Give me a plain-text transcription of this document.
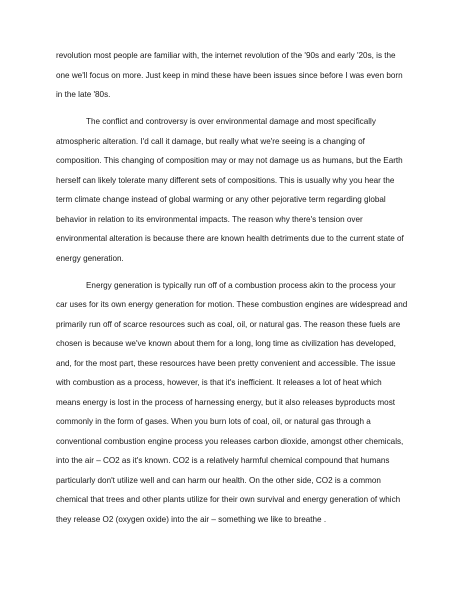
revolution most people are familiar with, the internet revolution of the '90s and early '20s, is the one we'll focus on more. Just keep in mind these have been issues since before I was even born in the late '80s.

The conflict and controversy is over environmental damage and most specifically atmospheric alteration. I'd call it damage, but really what we're seeing is a changing of composition. This changing of composition may or may not damage us as humans, but the Earth herself can likely tolerate many different sets of compositions. This is usually why you hear the term climate change instead of global warming or any other pejorative term regarding global behavior in relation to its environmental impacts. The reason why there's tension over environmental alteration is because there are known health detriments due to the current state of energy generation.

Energy generation is typically run off of a combustion process akin to the process your car uses for its own energy generation for motion. These combustion engines are widespread and primarily run off of scarce resources such as coal, oil, or natural gas. The reason these fuels are chosen is because we've known about them for a long, long time as civilization has developed, and, for the most part, these resources have been pretty convenient and accessible. The issue with combustion as a process, however, is that it's inefficient. It releases a lot of heat which means energy is lost in the process of harnessing energy, but it also releases byproducts most commonly in the form of gases. When you burn lots of coal, oil, or natural gas through a conventional combustion engine process you releases carbon dioxide, amongst other chemicals, into the air – CO2 as it's known. CO2 is a relatively harmful chemical compound that humans particularly don't utilize well and can harm our health. On the other side, CO2 is a common chemical that trees and other plants utilize for their own survival and energy generation of which they release O2 (oxygen oxide) into the air – something we like to breathe .
